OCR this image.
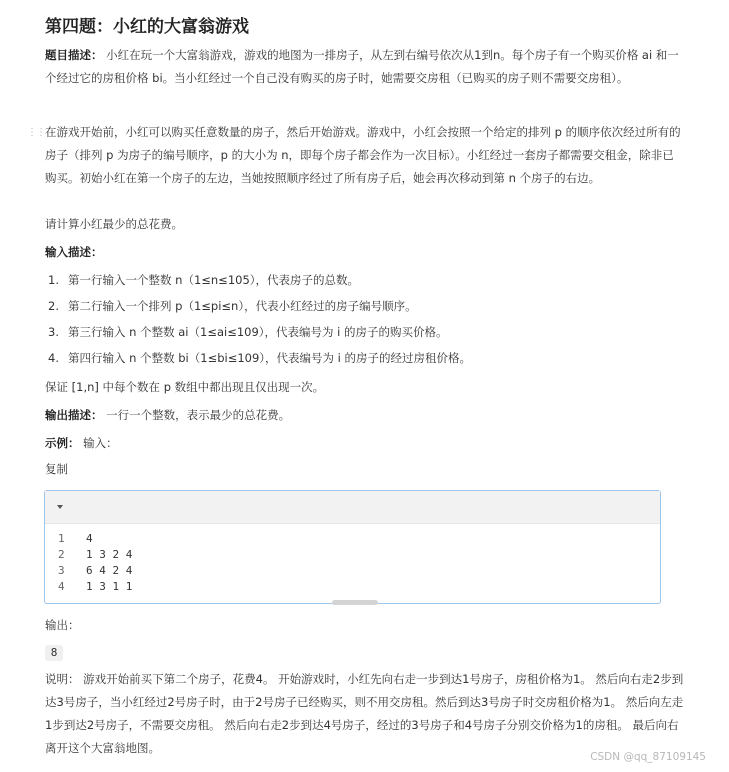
第四题：小红的大富翁游戏

题目描述： 小红在玩一个大富翁游戏，游戏的地图为一排房子，从左到右编号依次从1到n。每个房子有一个购买价格 ai 和一个经过它的房租价格 bi。当小红经过一个自己没有购买的房子时，她需要交房租（已购买的房子则不需要交房租）。

⋮⋮ 在游戏开始前，小红可以购买任意数量的房子，然后开始游戏。游戏中，小红会按照一个给定的排列 p 的顺序依次经过所有的房子（排列 p 为房子的编号顺序，p 的大小为 n，即每个房子都会作为一次目标）。小红经过一套房子都需要交租金，除非已购买。初始小红在第一个房子的左边，当她按照顺序经过了所有房子后，她会再次移动到第 n 个房子的右边。

请计算小红最少的总花费。

输入描述：

1. 第一行输入一个整数 n（1≤n≤105），代表房子的总数。
2. 第二行输入一个排列 p（1≤pi≤n），代表小红经过的房子编号顺序。
3. 第三行输入 n 个整数 ai（1≤ai≤109），代表编号为 i 的房子的购买价格。
4. 第四行输入 n 个整数 bi（1≤bi≤109），代表编号为 i 的房子的经过房租价格。

保证 [1,n] 中每个数在 p 数组中都出现且仅出现一次。

输出描述： 一行一个整数，表示最少的总花费。

示例： 输入：

复制
1 4
2 1 3 2 4
3 6 4 2 4
4 1 3 1 1
输出：
8

说明： 游戏开始前买下第二个房子，花费4。 开始游戏时，小红先向右走一步到达1号房子，房租价格为1。 然后向右走2步到达3号房子，当小红经过2号房子时，由于2号房子已经购买，则不用交房租。然后到达3号房子时交房租价格为1。 然后向左走1步到达2号房子，不需要交房租。 然后向右走2步到达4号房子，经过的3号房子和4号房子分别交价格为1的房租。 最后向右离开这个大富翁地图。

CSDN @qq_87109145
